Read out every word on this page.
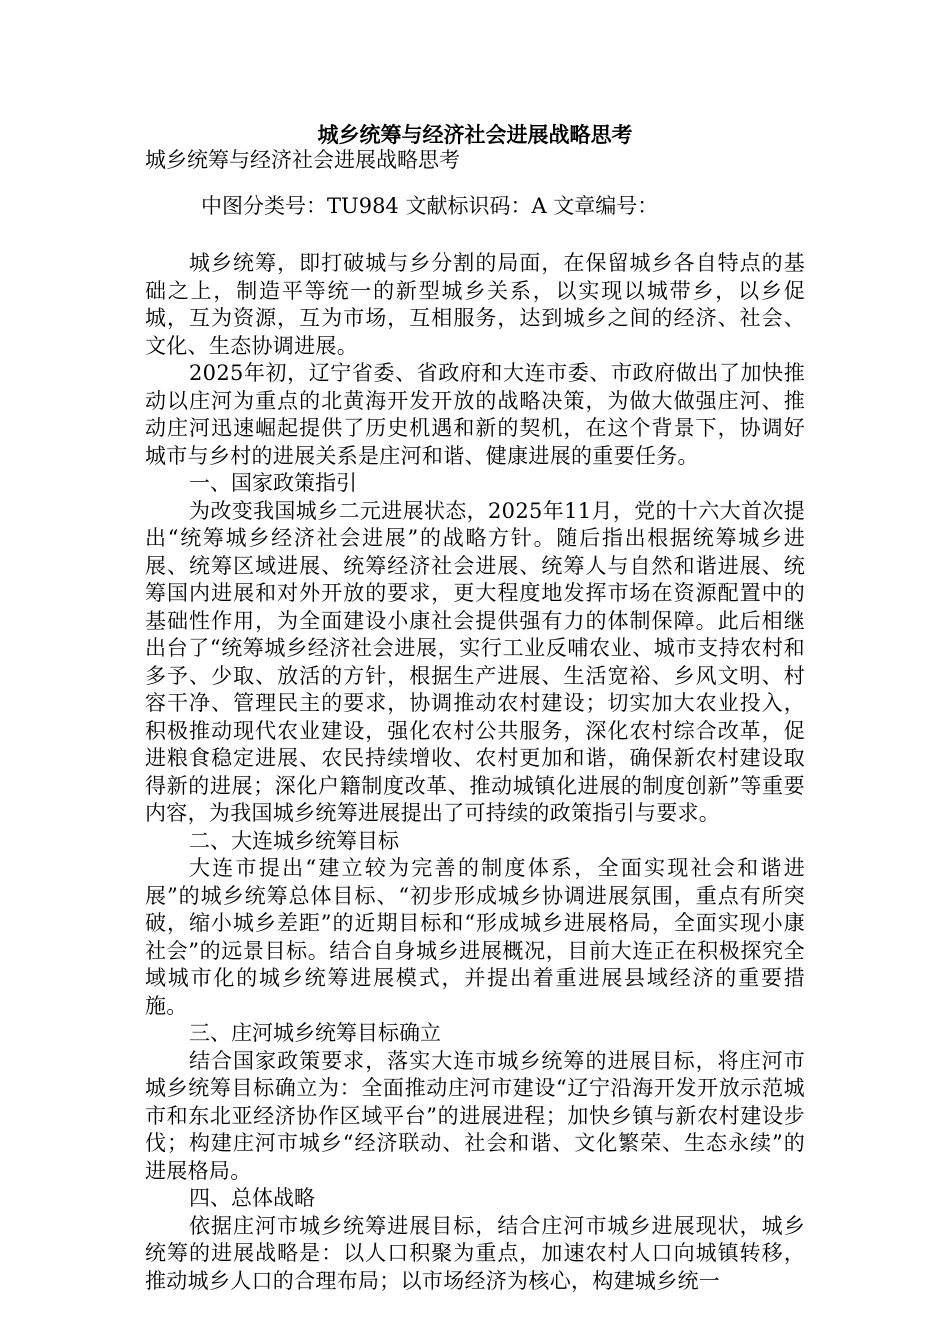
城乡统筹与经济社会进展战略思考

城乡统筹与经济社会进展战略思考

中图分类号：TU984 文献标识码：A 文章编号：

城乡统筹，即打破城与乡分割的局面，在保留城乡各自特点的基础之上，制造平等统一的新型城乡关系，以实现以城带乡，以乡促城，互为资源，互为市场，互相服务，达到城乡之间的经济、社会、文化、生态协调进展。

2025年初，辽宁省委、省政府和大连市委、市政府做出了加快推动以庄河为重点的北黄海开发开放的战略决策，为做大做强庄河、推动庄河迅速崛起提供了历史机遇和新的契机，在这个背景下，协调好城市与乡村的进展关系是庄河和谐、健康进展的重要任务。

一、国家政策指引

为改变我国城乡二元进展状态，2025年11月，党的十六大首次提出“统筹城乡经济社会进展”的战略方针。随后指出根据统筹城乡进展、统筹区域进展、统筹经济社会进展、统筹人与自然和谐进展、统筹国内进展和对外开放的要求，更大程度地发挥市场在资源配置中的基础性作用，为全面建设小康社会提供强有力的体制保障。此后相继出台了“统筹城乡经济社会进展，实行工业反哺农业、城市支持农村和多予、少取、放活的方针，根据生产进展、生活宽裕、乡风文明、村容干净、管理民主的要求，协调推动农村建设；切实加大农业投入，积极推动现代农业建设，强化农村公共服务，深化农村综合改革，促进粮食稳定进展、农民持续增收、农村更加和谐，确保新农村建设取得新的进展；深化户籍制度改革、推动城镇化进展的制度创新”等重要内容，为我国城乡统筹进展提出了可持续的政策指引与要求。

二、大连城乡统筹目标

大连市提出“建立较为完善的制度体系，全面实现社会和谐进展”的城乡统筹总体目标、“初步形成城乡协调进展氛围，重点有所突破，缩小城乡差距”的近期目标和“形成城乡进展格局，全面实现小康社会”的远景目标。结合自身城乡进展概况，目前大连正在积极探究全域城市化的城乡统筹进展模式，并提出着重进展县域经济的重要措施。

三、庄河城乡统筹目标确立

结合国家政策要求，落实大连市城乡统筹的进展目标，将庄河市城乡统筹目标确立为：全面推动庄河市建设“辽宁沿海开发开放示范城市和东北亚经济协作区域平台”的进展进程；加快乡镇与新农村建设步伐；构建庄河市城乡“经济联动、社会和谐、文化繁荣、生态永续”的进展格局。

四、总体战略

依据庄河市城乡统筹进展目标，结合庄河市城乡进展现状，城乡统筹的进展战略是：以人口积聚为重点，加速农村人口向城镇转移，推动城乡人口的合理布局；以市场经济为核心，构建城乡统一
